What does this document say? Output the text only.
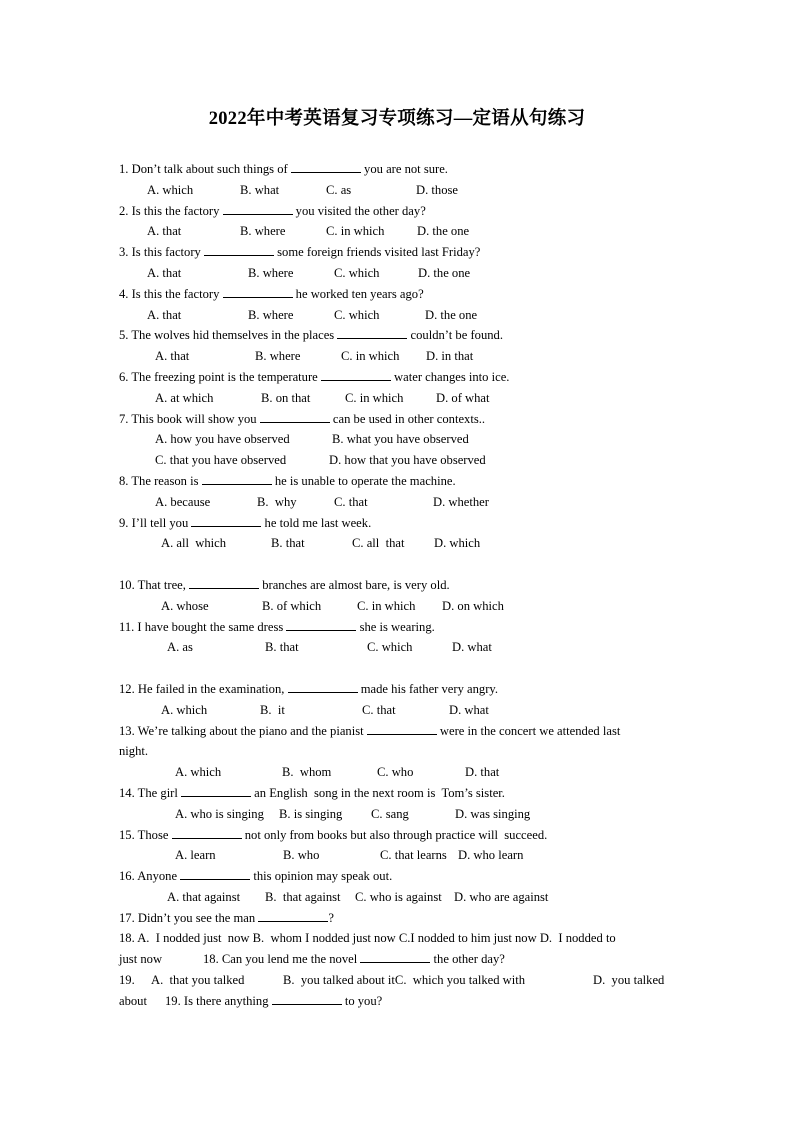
2022年中考英语复习专项练习—定语从句练习
1. Don’t talk about such things of	you are not sure.
A. which	B. what	C. as	D. those
2. Is this the factory	you visited the other day?
A. that	B. where	C. in which	D. the one
3. Is this factory	some foreign friends visited last Friday?
A. that	B. where	C. which	D. the one
4. Is this the factory	he worked ten years ago?
A. that	B. where	C. which	D. the one
5. The wolves hid themselves in the places	couldn’t be found.
A. that	B. where	C. in which D. in that
6. The freezing point is the temperature	water changes into ice.
A. at which	B. on that	C. in which	D. of what
7. This book will show you	can be used in other contexts..
A. how you have observed	B. what you have observed
C. that you have observed	D. how that you have observed
8. The reason is	he is unable to operate the machine.
A. because	B.  why	C. that	D. whether
9. I’ll tell you	he told me last week.
A. all  which	B. that	C. all  that D. which
10. That tree,	branches are almost bare, is very old.
A. whose	B. of which	C. in which D. on which
11. I have bought the same dress	she is wearing.
A. as	B. that	C. which	D. what
12. He failed in the examination,	made his father very angry.
A. which	B.  it	C. that	D. what
13. We’re talking about the piano and the pianist	were in the concert we attended last
night.
A. which	B.  whom	C. who	D. that
14. The girl	an English  song in the next room is  Tom’s sister.
A. who is singing B. is singing C. sang	D. was singing
15. Those	not only from books but also through practice will  succeed.
A. learn	B. who	C. that learns D. who learn
16. Anyone	this opinion may speak out.
A. that against B.  that against C. who is against D. who are against
17. Didn’t you see the man	?
18. A.  I nodded just  now B.  whom I nodded just now C.I nodded to him just now D.  I nodded to
just now	18. Can you lend me the novel	the other day?
19. A.  that you talked	B.  you talked about itC.  which you talked with	D.  you talked
about 19. Is there anything	to you?
